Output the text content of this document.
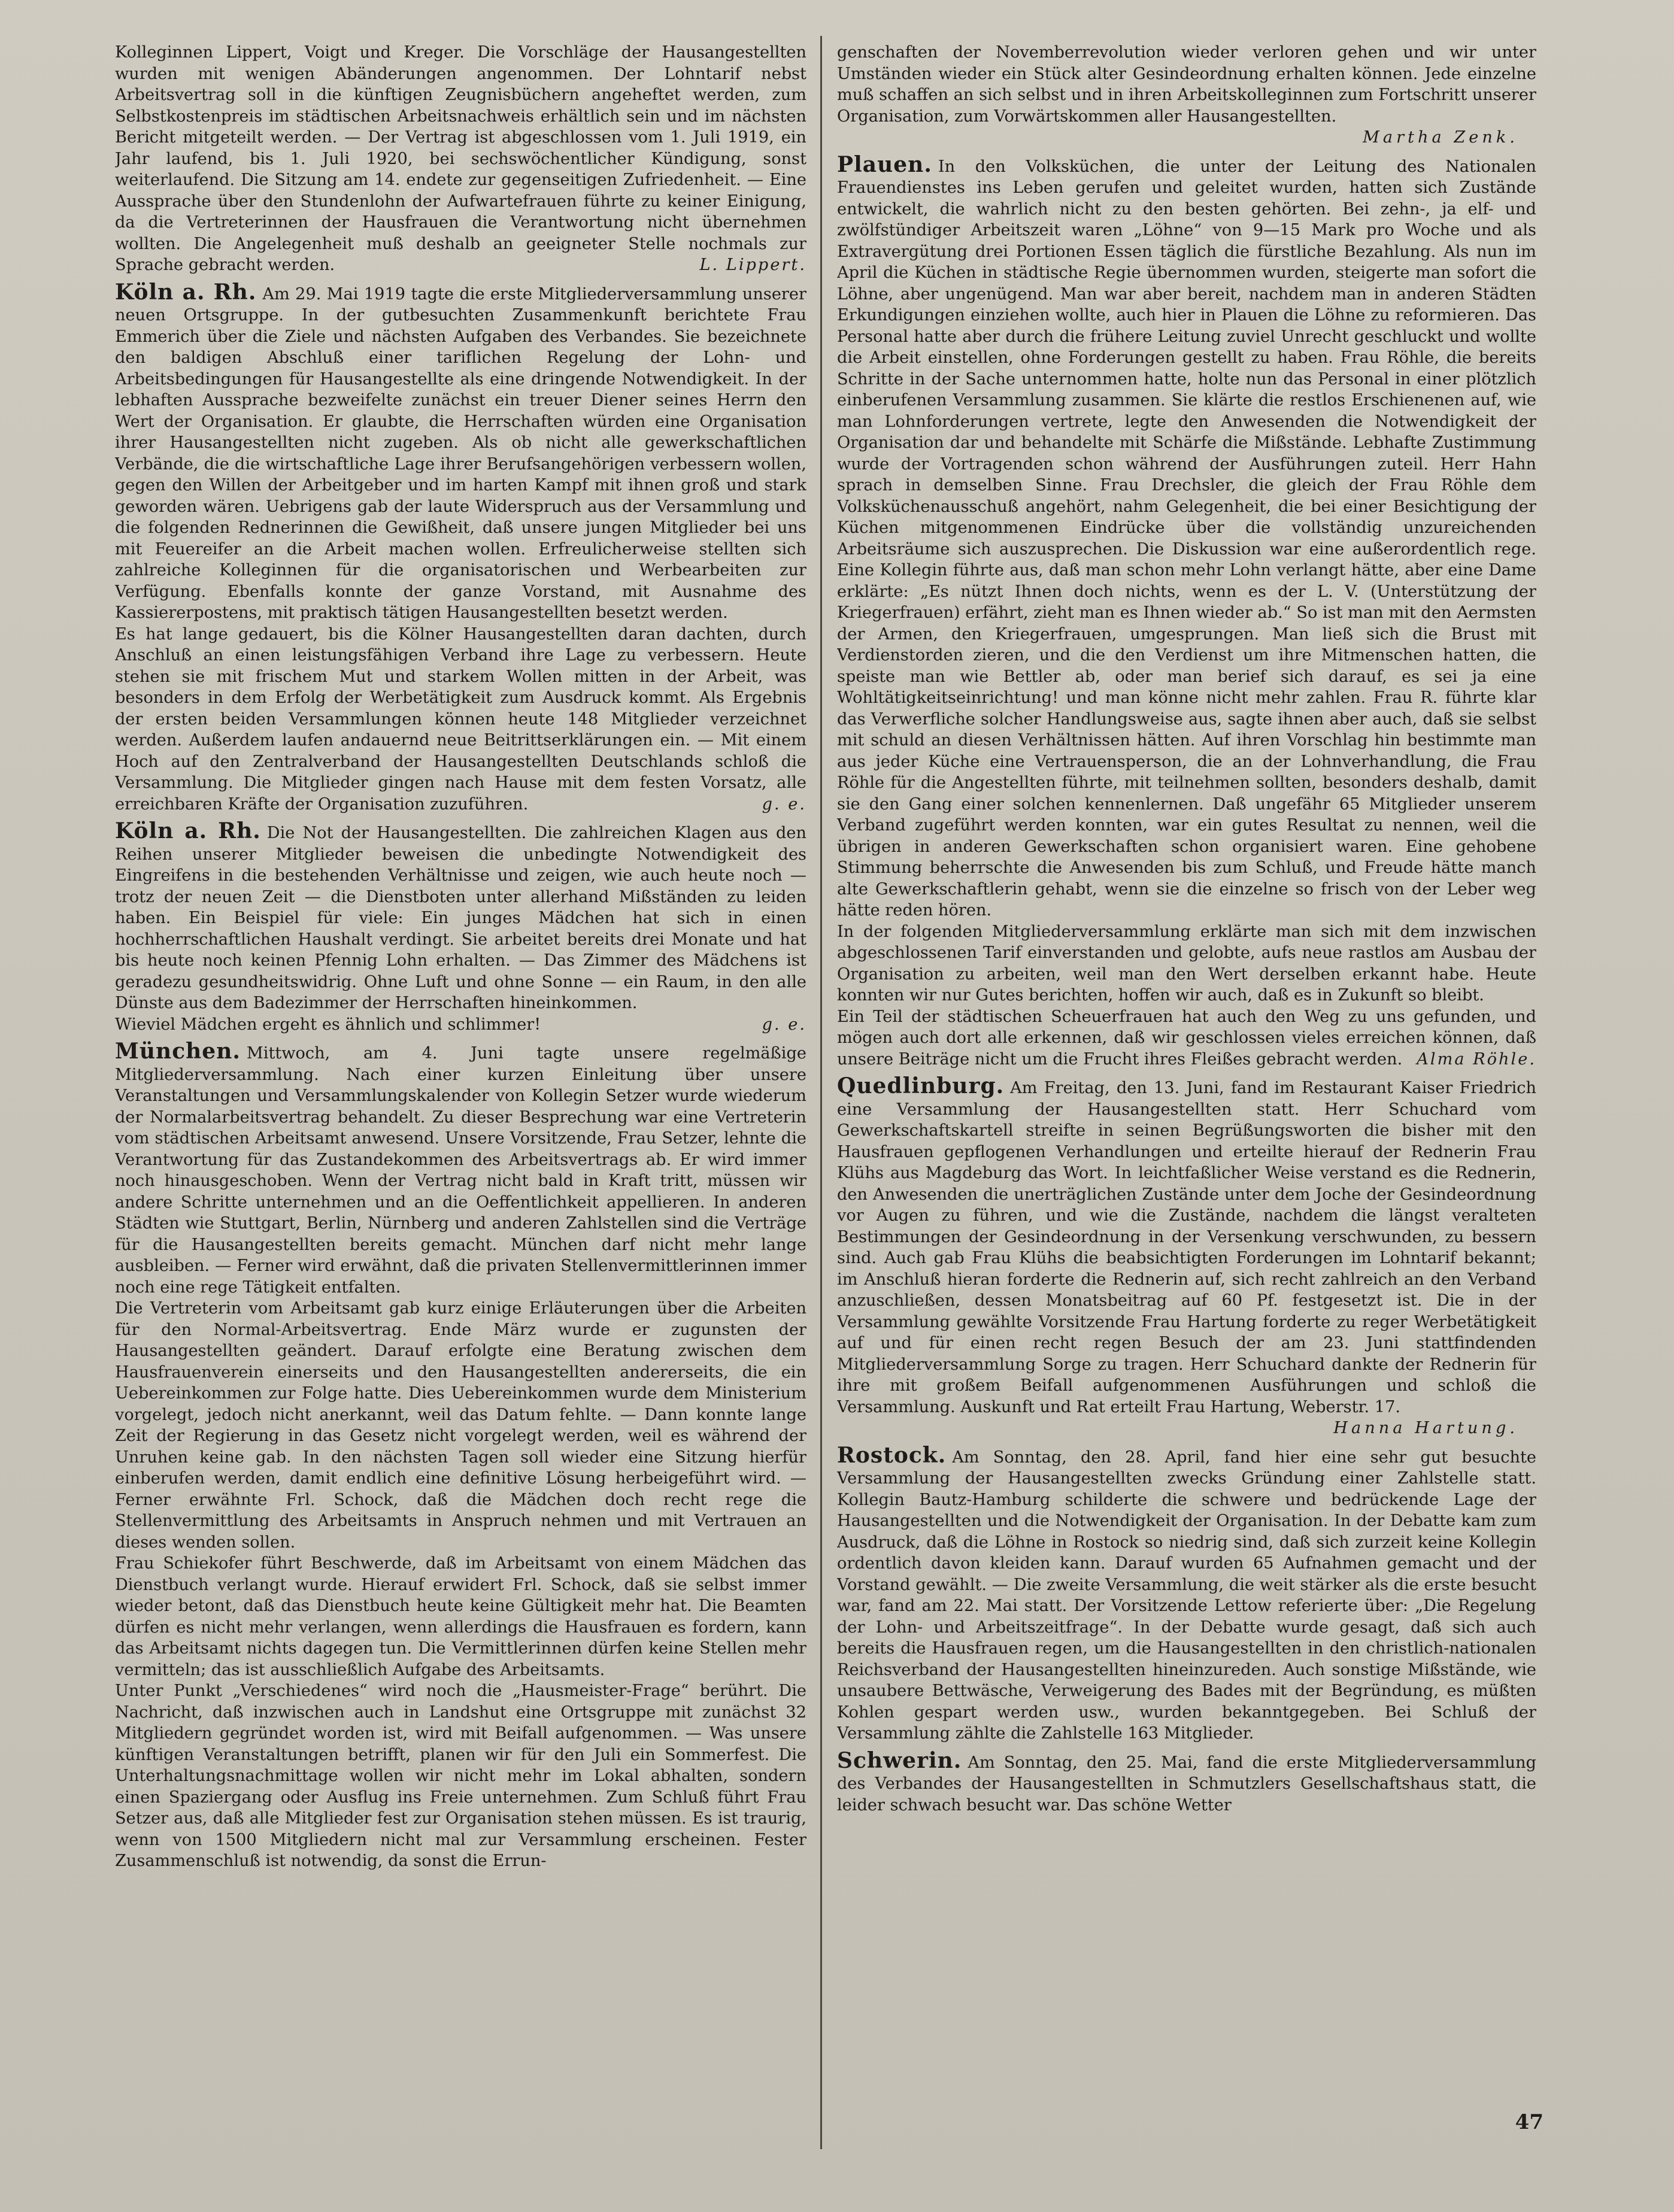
Kolleginnen Lippert, Voigt und Kreger. Die Vorschläge der Hausangestellten wurden mit wenigen Abänderungen angenommen. Der Lohntarif nebst Arbeitsvertrag soll in die künftigen Zeugnisbüchern angeheftet werden, zum Selbstkostenpreis im städtischen Arbeitsnachweis erhältlich sein und im nächsten Bericht mitgeteilt werden. — Der Vertrag ist abgeschlossen vom 1. Juli 1919, ein Jahr laufend, bis 1. Juli 1920, bei sechswöchentlicher Kündigung, sonst weiterlaufend. Die Sitzung am 14. endete zur gegenseitigen Zufriedenheit. — Eine Aussprache über den Stundenlohn der Aufwartefrauen führte zu keiner Einigung, da die Vertreterinnen der Hausfrauen die Verantwortung nicht übernehmen wollten. Die Angelegenheit muß deshalb an geeigneter Stelle nochmals zur Sprache gebracht werden.	L. Lippert.

Köln a. Rh. Am 29. Mai 1919 tagte die erste Mitgliederversammlung unserer neuen Ortsgruppe. In der gutbesuchten Zusammenkunft berichtete Frau Emmerich über die Ziele und nächsten Aufgaben des Verbandes. Sie bezeichnete den baldigen Abschluß einer tariflichen Regelung der Lohn- und Arbeitsbedingungen für Hausangestellte als eine dringende Notwendigkeit. In der lebhaften Aussprache bezweifelte zunächst ein treuer Diener seines Herrn den Wert der Organisation. Er glaubte, die Herrschaften würden eine Organisation ihrer Hausangestellten nicht zugeben. Als ob nicht alle gewerkschaftlichen Verbände, die die wirtschaftliche Lage ihrer Berufsangehörigen verbessern wollen, gegen den Willen der Arbeitgeber und im harten Kampf mit ihnen groß und stark geworden wären. Uebrigens gab der laute Widerspruch aus der Versammlung und die folgenden Rednerinnen die Gewißheit, daß unsere jungen Mitglieder bei uns mit Feuereifer an die Arbeit machen wollen. Erfreulicherweise stellten sich zahlreiche Kolleginnen für die organisatorischen und Werbearbeiten zur Verfügung. Ebenfalls konnte der ganze Vorstand, mit Ausnahme des Kassiererpostens, mit praktisch tätigen Hausangestellten besetzt werden.

Es hat lange gedauert, bis die Kölner Hausangestellten daran dachten, durch Anschluß an einen leistungsfähigen Verband ihre Lage zu verbessern. Heute stehen sie mit frischem Mut und starkem Wollen mitten in der Arbeit, was besonders in dem Erfolg der Werbetätigkeit zum Ausdruck kommt. Als Ergebnis der ersten beiden Versammlungen können heute 148 Mitglieder verzeichnet werden. Außerdem laufen andauernd neue Beitrittserklärungen ein. — Mit einem Hoch auf den Zentralverband der Hausangestellten Deutschlands schloß die Versammlung. Die Mitglieder gingen nach Hause mit dem festen Vorsatz, alle erreichbaren Kräfte der Organisation zuzuführen.	g. e.

Köln a. Rh. Die Not der Hausangestellten. Die zahlreichen Klagen aus den Reihen unserer Mitglieder beweisen die unbedingte Notwendigkeit des Eingreifens in die bestehenden Verhältnisse und zeigen, wie auch heute noch — trotz der neuen Zeit — die Dienstboten unter allerhand Mißständen zu leiden haben. Ein Beispiel für viele: Ein junges Mädchen hat sich in einen hochherrschaftlichen Haushalt verdingt. Sie arbeitet bereits drei Monate und hat bis heute noch keinen Pfennig Lohn erhalten. — Das Zimmer des Mädchens ist geradezu gesundheitswidrig. Ohne Luft und ohne Sonne — ein Raum, in den alle Dünste aus dem Badezimmer der Herrschaften hineinkommen.

Wieviel Mädchen ergeht es ähnlich und schlimmer!	g. e.

München. Mittwoch, am 4. Juni tagte unsere regelmäßige Mitgliederversammlung. Nach einer kurzen Einleitung über unsere Veranstaltungen und Versammlungskalender von Kollegin Setzer wurde wiederum der Normalarbeitsvertrag behandelt. Zu dieser Besprechung war eine Vertreterin vom städtischen Arbeitsamt anwesend. Unsere Vorsitzende, Frau Setzer, lehnte die Verantwortung für das Zustandekommen des Arbeitsvertrags ab. Er wird immer noch hinausgeschoben. Wenn der Vertrag nicht bald in Kraft tritt, müssen wir andere Schritte unternehmen und an die Oeffentlichkeit appellieren. In anderen Städten wie Stuttgart, Berlin, Nürnberg und anderen Zahlstellen sind die Verträge für die Hausangestellten bereits gemacht. München darf nicht mehr lange ausbleiben. — Ferner wird erwähnt, daß die privaten Stellenvermittlerinnen immer noch eine rege Tätigkeit entfalten.

Die Vertreterin vom Arbeitsamt gab kurz einige Erläuterungen über die Arbeiten für den Normal-Arbeitsvertrag. Ende März wurde er zugunsten der Hausangestellten geändert. Darauf erfolgte eine Beratung zwischen dem Hausfrauenverein einerseits und den Hausangestellten andererseits, die ein Uebereinkommen zur Folge hatte. Dies Uebereinkommen wurde dem Ministerium vorgelegt, jedoch nicht anerkannt, weil das Datum fehlte. — Dann konnte lange Zeit der Regierung in das Gesetz nicht vorgelegt werden, weil es während der Unruhen keine gab. In den nächsten Tagen soll wieder eine Sitzung hierfür einberufen werden, damit endlich eine definitive Lösung herbeigeführt wird. — Ferner erwähnte Frl. Schock, daß die Mädchen doch recht rege die Stellenvermittlung des Arbeitsamts in Anspruch nehmen und mit Vertrauen an dieses wenden sollen.

Frau Schiekofer führt Beschwerde, daß im Arbeitsamt von einem Mädchen das Dienstbuch verlangt wurde. Hierauf erwidert Frl. Schock, daß sie selbst immer wieder betont, daß das Dienstbuch heute keine Gültigkeit mehr hat. Die Beamten dürfen es nicht mehr verlangen, wenn allerdings die Hausfrauen es fordern, kann das Arbeitsamt nichts dagegen tun. Die Vermittlerinnen dürfen keine Stellen mehr vermitteln; das ist ausschließlich Aufgabe des Arbeitsamts.

Unter Punkt „Verschiedenes“ wird noch die „Hausmeister-Frage“ berührt. Die Nachricht, daß inzwischen auch in Landshut eine Ortsgruppe mit zunächst 32 Mitgliedern gegründet worden ist, wird mit Beifall aufgenommen. — Was unsere künftigen Veranstaltungen betrifft, planen wir für den Juli ein Sommerfest. Die Unterhaltungsnachmittage wollen wir nicht mehr im Lokal abhalten, sondern einen Spaziergang oder Ausflug ins Freie unternehmen. Zum Schluß führt Frau Setzer aus, daß alle Mitglieder fest zur Organisation stehen müssen. Es ist traurig, wenn von 1500 Mitgliedern nicht mal zur Versammlung erscheinen. Fester Zusammenschluß ist notwendig, da sonst die Errun-

genschaften der Novemberrevolution wieder verloren gehen und wir unter Umständen wieder ein Stück alter Gesindeordnung erhalten können. Jede einzelne muß schaffen an sich selbst und in ihren Arbeitskolleginnen zum Fortschritt unserer Organisation, zum Vorwärtskommen aller Hausangestellten.

Martha Zenk.

Plauen. In den Volksküchen, die unter der Leitung des Nationalen Frauendienstes ins Leben gerufen und geleitet wurden, hatten sich Zustände entwickelt, die wahrlich nicht zu den besten gehörten. Bei zehn-, ja elf- und zwölfstündiger Arbeitszeit waren „Löhne“ von 9—15 Mark pro Woche und als Extravergütung drei Portionen Essen täglich die fürstliche Bezahlung. Als nun im April die Küchen in städtische Regie übernommen wurden, steigerte man sofort die Löhne, aber ungenügend. Man war aber bereit, nachdem man in anderen Städten Erkundigungen einziehen wollte, auch hier in Plauen die Löhne zu reformieren. Das Personal hatte aber durch die frühere Leitung zuviel Unrecht geschluckt und wollte die Arbeit einstellen, ohne Forderungen gestellt zu haben. Frau Röhle, die bereits Schritte in der Sache unternommen hatte, holte nun das Personal in einer plötzlich einberufenen Versammlung zusammen. Sie klärte die restlos Erschienenen auf, wie man Lohnforderungen vertrete, legte den Anwesenden die Notwendigkeit der Organisation dar und behandelte mit Schärfe die Mißstände. Lebhafte Zustimmung wurde der Vortragenden schon während der Ausführungen zuteil. Herr Hahn sprach in demselben Sinne. Frau Drechsler, die gleich der Frau Röhle dem Volksküchenausschuß angehört, nahm Gelegenheit, die bei einer Besichtigung der Küchen mitgenommenen Eindrücke über die vollständig unzureichenden Arbeitsräume sich auszusprechen. Die Diskussion war eine außerordentlich rege. Eine Kollegin führte aus, daß man schon mehr Lohn verlangt hätte, aber eine Dame erklärte: „Es nützt Ihnen doch nichts, wenn es der L. V. (Unterstützung der Kriegerfrauen) erfährt, zieht man es Ihnen wieder ab.“ So ist man mit den Aermsten der Armen, den Kriegerfrauen, umgesprungen. Man ließ sich die Brust mit Verdienstorden zieren, und die den Verdienst um ihre Mitmenschen hatten, die speiste man wie Bettler ab, oder man berief sich darauf, es sei ja eine Wohltätigkeitseinrichtung! und man könne nicht mehr zahlen. Frau R. führte klar das Verwerfliche solcher Handlungsweise aus, sagte ihnen aber auch, daß sie selbst mit schuld an diesen Verhältnissen hätten. Auf ihren Vorschlag hin bestimmte man aus jeder Küche eine Vertrauensperson, die an der Lohnverhandlung, die Frau Röhle für die Angestellten führte, mit teilnehmen sollten, besonders deshalb, damit sie den Gang einer solchen kennenlernen. Daß ungefähr 65 Mitglieder unserem Verband zugeführt werden konnten, war ein gutes Resultat zu nennen, weil die übrigen in anderen Gewerkschaften schon organisiert waren. Eine gehobene Stimmung beherrschte die Anwesenden bis zum Schluß, und Freude hätte manch alte Gewerkschaftlerin gehabt, wenn sie die einzelne so frisch von der Leber weg hätte reden hören.

In der folgenden Mitgliederversammlung erklärte man sich mit dem inzwischen abgeschlossenen Tarif einverstanden und gelobte, aufs neue rastlos am Ausbau der Organisation zu arbeiten, weil man den Wert derselben erkannt habe. Heute konnten wir nur Gutes berichten, hoffen wir auch, daß es in Zukunft so bleibt.

Ein Teil der städtischen Scheuerfrauen hat auch den Weg zu uns gefunden, und mögen auch dort alle erkennen, daß wir geschlossen vieles erreichen können, daß unsere Beiträge nicht um die Frucht ihres Fleißes gebracht werden. Alma Röhle.

Quedlinburg. Am Freitag, den 13. Juni, fand im Restaurant Kaiser Friedrich eine Versammlung der Hausangestellten statt. Herr Schuchard vom Gewerkschaftskartell streifte in seinen Begrüßungsworten die bisher mit den Hausfrauen gepflogenen Verhandlungen und erteilte hierauf der Rednerin Frau Klühs aus Magdeburg das Wort. In leichtfaßlicher Weise verstand es die Rednerin, den Anwesenden die unerträglichen Zustände unter dem Joche der Gesindeordnung vor Augen zu führen, und wie die Zustände, nachdem die längst veralteten Bestimmungen der Gesindeordnung in der Versenkung verschwunden, zu bessern sind. Auch gab Frau Klühs die beabsichtigten Forderungen im Lohntarif bekannt; im Anschluß hieran forderte die Rednerin auf, sich recht zahlreich an den Verband anzuschließen, dessen Monatsbeitrag auf 60 Pf. festgesetzt ist. Die in der Versammlung gewählte Vorsitzende Frau Hartung forderte zu reger Werbetätigkeit auf und für einen recht regen Besuch der am 23. Juni stattfindenden Mitgliederversammlung Sorge zu tragen. Herr Schuchard dankte der Rednerin für ihre mit großem Beifall aufgenommenen Ausführungen und schloß die Versammlung. Auskunft und Rat erteilt Frau Hartung, Weberstr. 17.

Hanna Hartung.

Rostock. Am Sonntag, den 28. April, fand hier eine sehr gut besuchte Versammlung der Hausangestellten zwecks Gründung einer Zahlstelle statt. Kollegin Bautz-Hamburg schilderte die schwere und bedrückende Lage der Hausangestellten und die Notwendigkeit der Organisation. In der Debatte kam zum Ausdruck, daß die Löhne in Rostock so niedrig sind, daß sich zurzeit keine Kollegin ordentlich davon kleiden kann. Darauf wurden 65 Aufnahmen gemacht und der Vorstand gewählt. — Die zweite Versammlung, die weit stärker als die erste besucht war, fand am 22. Mai statt. Der Vorsitzende Lettow referierte über: „Die Regelung der Lohn- und Arbeitszeitfrage“. In der Debatte wurde gesagt, daß sich auch bereits die Hausfrauen regen, um die Hausangestellten in den christlich-nationalen Reichsverband der Hausangestellten hineinzureden. Auch sonstige Mißstände, wie unsaubere Bettwäsche, Verweigerung des Bades mit der Begründung, es müßten Kohlen gespart werden usw., wurden bekanntgegeben. Bei Schluß der Versammlung zählte die Zahlstelle 163 Mitglieder.

Schwerin. Am Sonntag, den 25. Mai, fand die erste Mitgliederversammlung des Verbandes der Hausangestellten in Schmutzlers Gesellschaftshaus statt, die leider schwach besucht war. Das schöne Wetter

47
